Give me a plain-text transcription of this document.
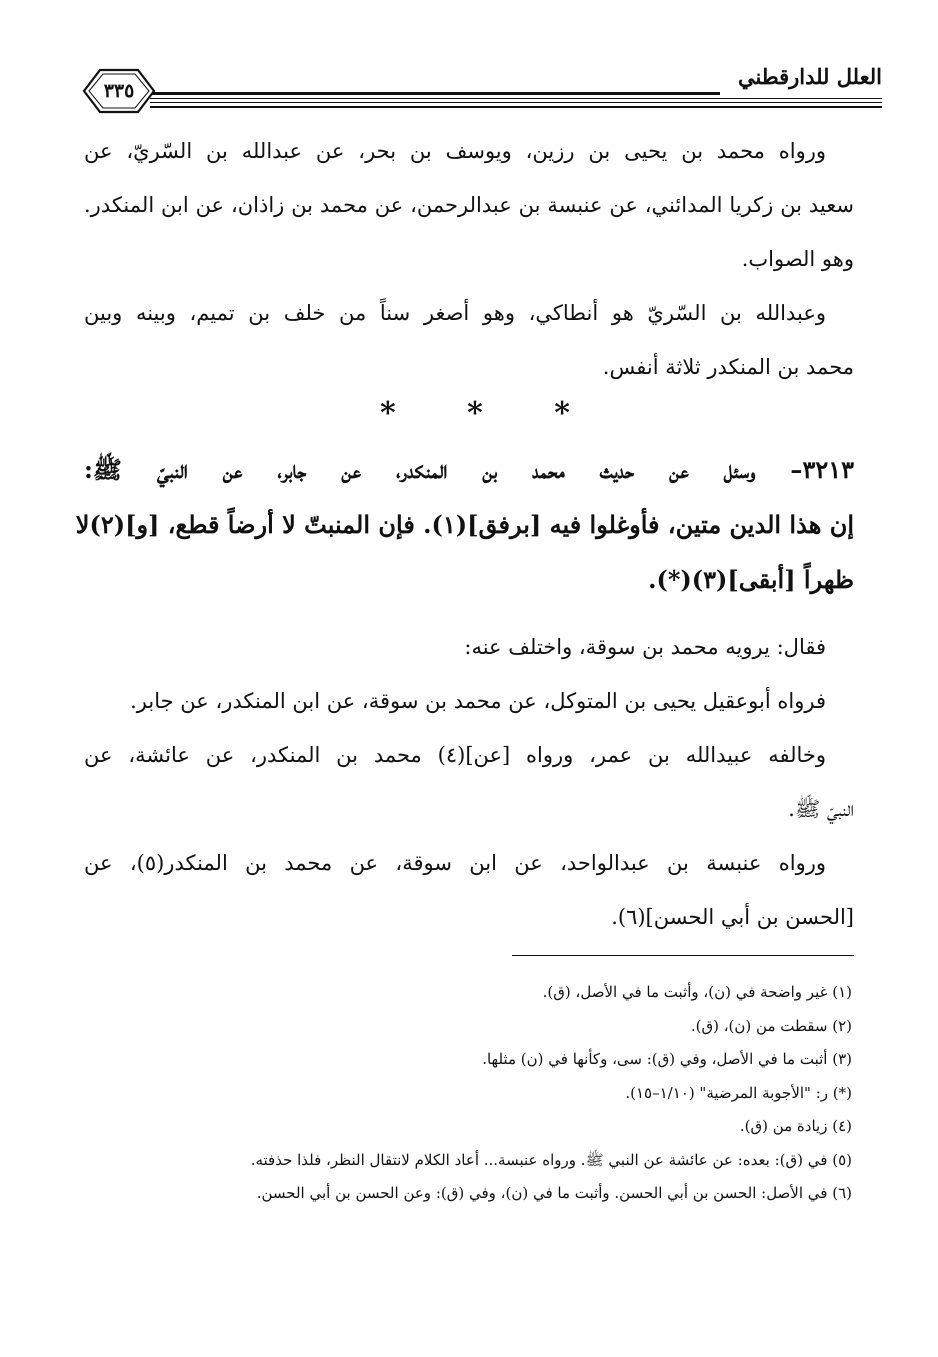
العلل للدارقطني
٣٣٥
ورواه محمد بن يحيى بن رزين، ويوسف بن بحر، عن عبدالله بن السّريّ، عن
سعيد بن زكريا المدائني، عن عنبسة بن عبدالرحمن، عن محمد بن زاذان، عن ابن المنكدر.
وهو الصواب.
وعبدالله بن السّريّ هو أنطاكي، وهو أصغر سناً من خلف بن تميم، وبينه وبين
محمد بن المنكدر ثلاثة أنفس.
* * *
٣٢١٣– وسئل عن حديث محمد بن المنكدر، عن جابر، عن النبيّ ﷺ:
إن هذا الدين متين، فأوغلوا فيه [برفق](١). فإن المنبتّ لا أرضاً قطع، [و](٢)لا
ظهراً [أبقى](٣)(*).
فقال: يرويه محمد بن سوقة، واختلف عنه:
فرواه أبوعقيل يحيى بن المتوكل، عن محمد بن سوقة، عن ابن المنكدر، عن جابر.
وخالفه عبيدالله بن عمر، ورواه [عن](٤) محمد بن المنكدر، عن عائشة، عن
النبيّ ﷺ.
ورواه عنبسة بن عبدالواحد، عن ابن سوقة، عن محمد بن المنكدر(٥)، عن
[الحسن بن أبي الحسن](٦).
(١) غير واضحة في (ن)، وأثبت ما في الأصل، (ق).
(٢) سقطت من (ن)، (ق).
(٣) أثبت ما في الأصل، وفي (ق): سى، وكأنها في (ن) مثلها.
(*) ر: "الأجوبة المرضية" (١/١٠–١٥).
(٤) زيادة من (ق).
(٥) في (ق): بعده: عن عائشة عن النبي ﷺ. ورواه عنبسة... أعاد الكلام لانتقال النظر، فلذا حذفته.
(٦) في الأصل: الحسن بن أبي الحسن. وأثبت ما في (ن)، وفي (ق): وعن الحسن بن أبي الحسن.
